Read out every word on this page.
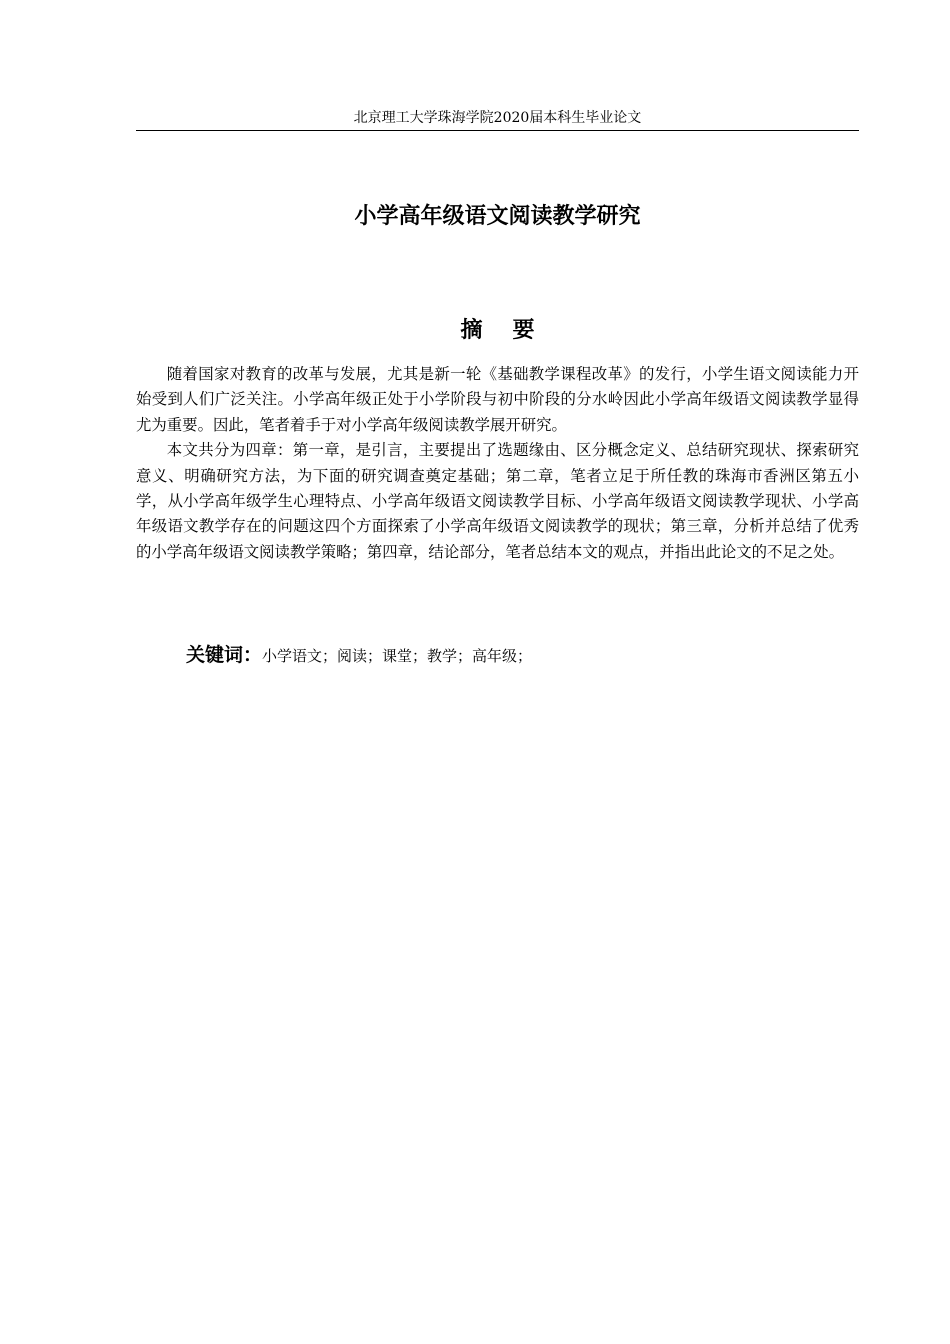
北京理工大学珠海学院2020届本科生毕业论文
小学高年级语文阅读教学研究
摘 要

随着国家对教育的改革与发展，尤其是新一轮《基础教学课程改革》的发行，小学生语文阅读能力开始受到人们广泛关注。小学高年级正处于小学阶段与初中阶段的分水岭因此小学高年级语文阅读教学显得尤为重要。因此，笔者着手于对小学高年级阅读教学展开研究。

本文共分为四章：第一章，是引言，主要提出了选题缘由、区分概念定义、总结研究现状、探索研究意义、明确研究方法，为下面的研究调查奠定基础；第二章，笔者立足于所任教的珠海市香洲区第五小学，从小学高年级学生心理特点、小学高年级语文阅读教学目标、小学高年级语文阅读教学现状、小学高年级语文教学存在的问题这四个方面探索了小学高年级语文阅读教学的现状；第三章，分析并总结了优秀的小学高年级语文阅读教学策略；第四章，结论部分，笔者总结本文的观点，并指出此论文的不足之处。

关键词：小学语文；阅读；课堂；教学；高年级；
